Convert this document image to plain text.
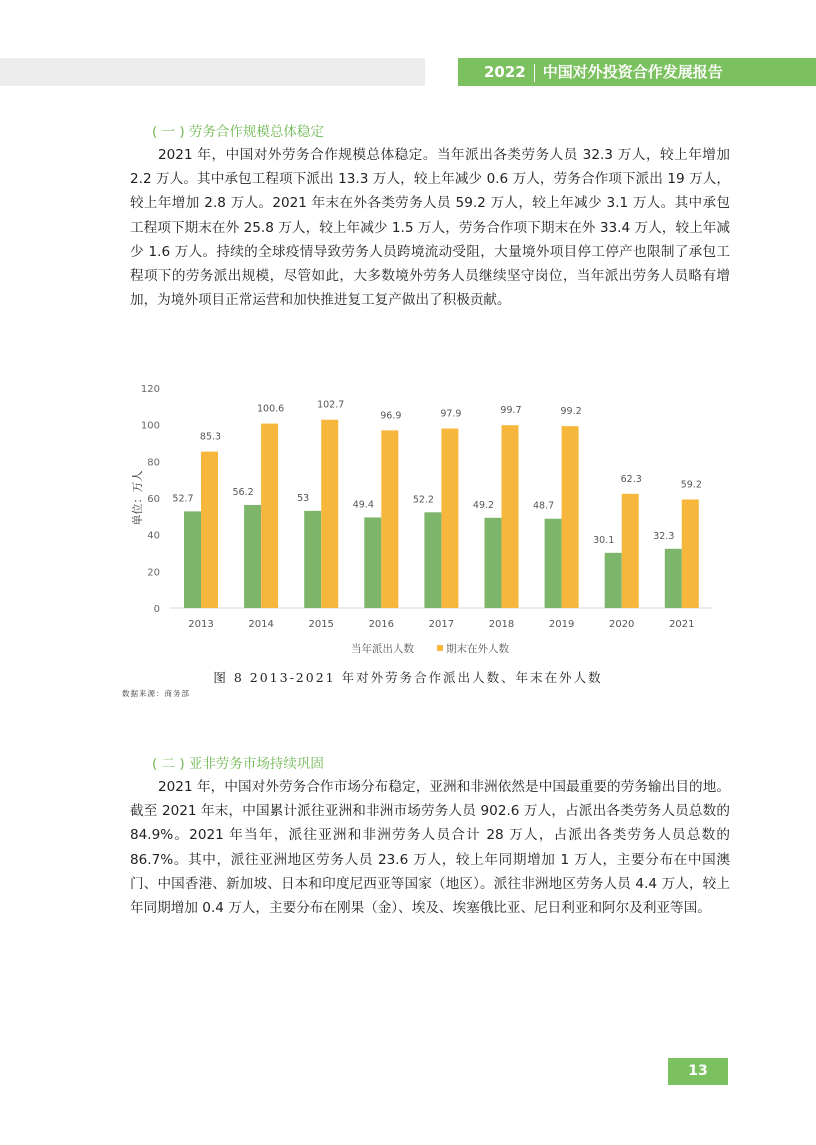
2022 中国对外投资合作发展报告
( 一 ) 劳务合作规模总体稳定
2021 年，中国对外劳务合作规模总体稳定。当年派出各类劳务人员 32.3 万人，较上年增加 2.2 万人。其中承包工程项下派出 13.3 万人，较上年减少 0.6 万人，劳务合作项下派出 19 万人，较上年增加 2.8 万人。2021 年末在外各类劳务人员 59.2 万人，较上年减少 3.1 万人。其中承包工程项下期末在外 25.8 万人，较上年减少 1.5 万人，劳务合作项下期末在外 33.4 万人，较上年减少 1.6 万人。持续的全球疫情导致劳务人员跨境流动受阻，大量境外项目停工停产也限制了承包工程项下的劳务派出规模，尽管如此，大多数境外劳务人员继续坚守岗位，当年派出劳务人员略有增加，为境外项目正常运营和加快推进复工复产做出了积极贡献。
0
20
40
60
80
100
120
单位：万人
2013
52.7
85.3
2014
56.2
100.6
2015
53
102.7
2016
49.4
96.9
2017
52.2
97.9
2018
49.2
99.7
2019
48.7
99.2
2020
30.1
62.3
2021
32.3
59.2
当年派出人数	期末在外人数
图 8 2013-2021 年对外劳务合作派出人数、年末在外人数
数据来源：商务部
( 二 ) 亚非劳务市场持续巩固
2021 年，中国对外劳务合作市场分布稳定，亚洲和非洲依然是中国最重要的劳务输出目的地。截至 2021 年末，中国累计派往亚洲和非洲市场劳务人员 902.6 万人，占派出各类劳务人员总数的 84.9%。2021 年当年，派往亚洲和非洲劳务人员合计 28 万人，占派出各类劳务人员总数的 86.7%。其中，派往亚洲地区劳务人员 23.6 万人，较上年同期增加 1 万人，主要分布在中国澳门、中国香港、新加坡、日本和印度尼西亚等国家（地区）。派往非洲地区劳务人员 4.4 万人，较上年同期增加 0.4 万人，主要分布在刚果（金）、埃及、埃塞俄比亚、尼日利亚和阿尔及利亚等国。
13
